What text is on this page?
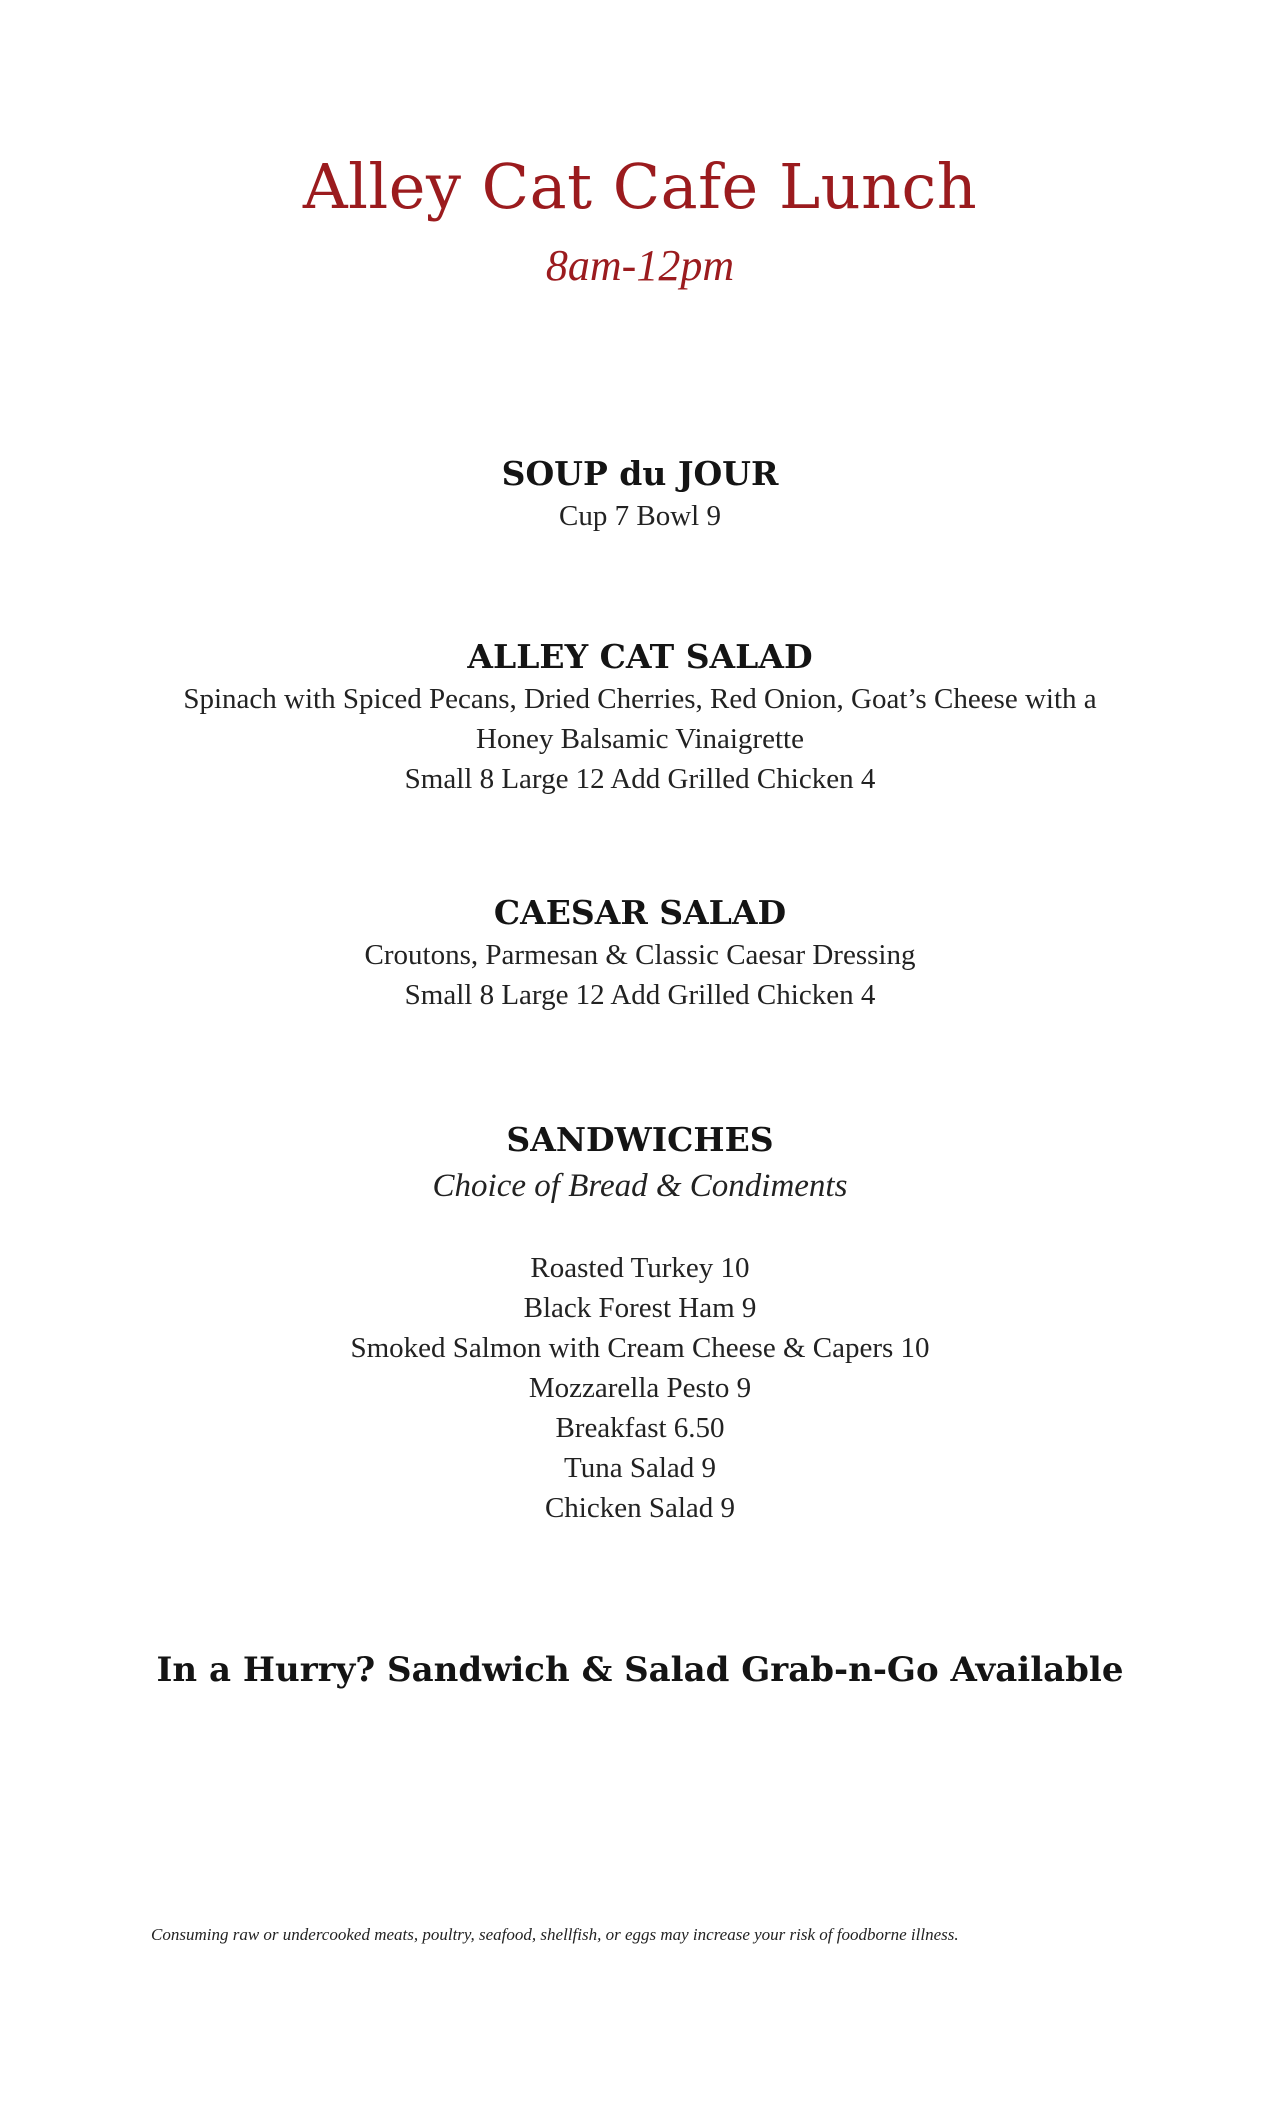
Alley Cat Cafe Lunch
8am-12pm
SOUP du JOUR
Cup 7 Bowl 9
ALLEY CAT SALAD
Spinach with Spiced Pecans, Dried Cherries, Red Onion, Goat’s Cheese with a
Honey Balsamic Vinaigrette
Small 8 Large 12 Add Grilled Chicken 4
CAESAR SALAD
Croutons, Parmesan & Classic Caesar Dressing
Small 8 Large 12 Add Grilled Chicken 4
SANDWICHES
Choice of Bread & Condiments
Roasted Turkey 10
Black Forest Ham 9
Smoked Salmon with Cream Cheese & Capers 10
Mozzarella Pesto 9
Breakfast 6.50
Tuna Salad 9
Chicken Salad 9
In a Hurry? Sandwich & Salad Grab-n-Go Available
Consuming raw or undercooked meats, poultry, seafood, shellfish, or eggs may increase your risk of foodborne illness.
